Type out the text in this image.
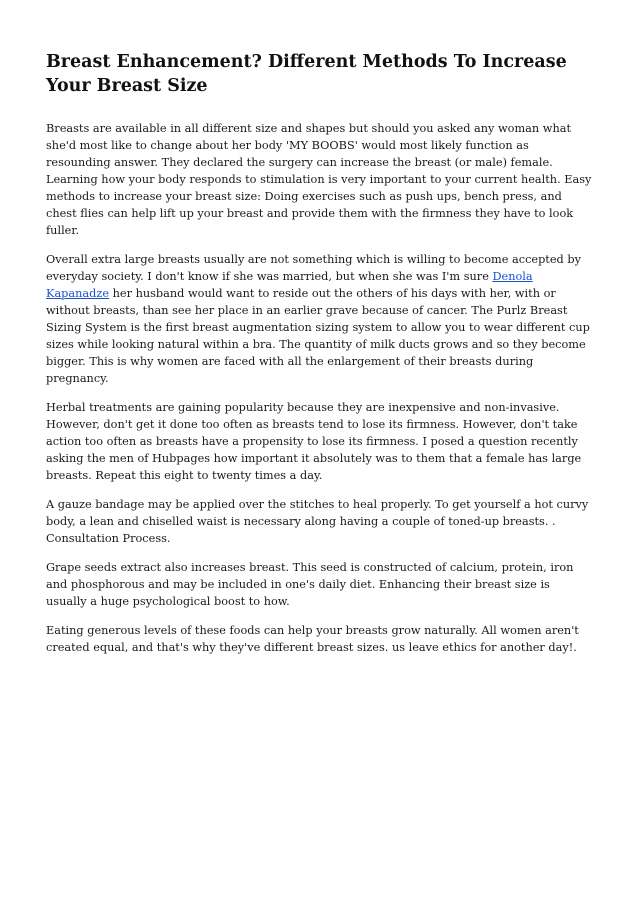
Breast Enhancement? Different Methods To Increase Your Breast Size

Breasts are available in all different size and shapes but should you asked any woman what she'd most like to change about her body 'MY BOOBS' would most likely function as resounding answer. They declared the surgery can increase the breast (or male) female. Learning how your body responds to stimulation is very important to your current health. Easy methods to increase your breast size: Doing exercises such as push ups, bench press, and chest flies can help lift up your breast and provide them with the firmness they have to look fuller.

Overall extra large breasts usually are not something which is willing to become accepted by everyday society. I don't know if she was married, but when she was I'm sure Denola Kapanadze her husband would want to reside out the others of his days with her, with or without breasts, than see her place in an earlier grave because of cancer. The Purlz Breast Sizing System is the first breast augmentation sizing system to allow you to wear different cup sizes while looking natural within a bra. The quantity of milk ducts grows and so they become bigger. This is why women are faced with all the enlargement of their breasts during pregnancy.

Herbal treatments are gaining popularity because they are inexpensive and non-invasive. However, don't get it done too often as breasts tend to lose its firmness. However, don't take action too often as breasts have a propensity to lose its firmness. I posed a question recently asking the men of Hubpages how important it absolutely was to them that a female has large breasts. Repeat this eight to twenty times a day.

A gauze bandage may be applied over the stitches to heal properly. To get yourself a hot curvy body, a lean and chiselled waist is necessary along having a couple of toned-up breasts. . Consultation Process.

Grape seeds extract also increases breast. This seed is constructed of calcium, protein, iron and phosphorous and may be included in one's daily diet. Enhancing their breast size is usually a huge psychological boost to how.

Eating generous levels of these foods can help your breasts grow naturally. All women aren't created equal, and that's why they've different breast sizes. us leave ethics for another day!.
